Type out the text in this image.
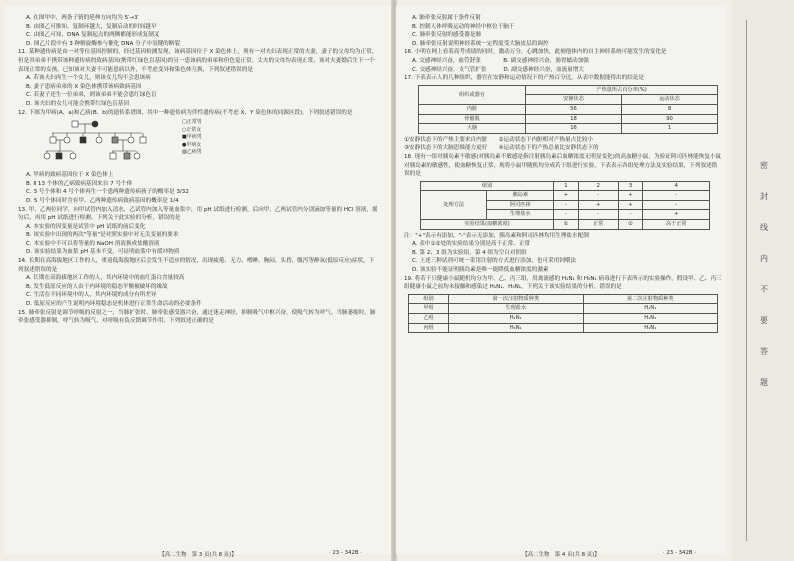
A. 在图甲中，两条子链的延伸方向均为 5′→3′

B. 由图乙可推知，复制环越大，复制启动的时间越早

C. 由图乙可知，DNA 复制起点的两侧都能形成复制叉

D. 图乙片段中有 3 种解旋酶参与催化 DNA 分子中氢键的断裂

11. 某种遗传病是由一对等位基因控制的，经过基因检测发现，该病基因位于 X 染色体上，现有一对夫妇表现正常的夫妻，妻子的父母均为正常，但是其弟弟不携带该种遗传病的致病基因(携带红绿色盲基因)的另一患该病的弟弟和但色觉正常，丈夫的父母均表现正常，该对夫妻婚后生下一个表现正常的女孩，已知该对夫妻不可能患病以外，不考虑变异和染色体互换，下列叙述错误的是

A. 若该夫妇再生一个女儿，则该女儿均不会患该病

B. 妻子患病弟弟的 X 染色体携带该病致病基因

C. 若妻子还生一位弟弟，则该弟弟不能会患红绿色盲

D. 该夫妇的女儿可能会携带红绿色盲基因

12. 下图为甲病(A、a)和乙病(B、b)的遗传系谱图，其中一种遗传病为伴性遗传病(不考虑 X、Y 染色体的同源区段)。下列叙述错误的是

□正常男
○正常女
■甲病男
●甲病女
▨乙病男

A. 甲病的致病基因位于 X 染色体上

B. Ⅱ 13 个体的乙病致病基因来自 7 号个体

C. 3 号个体和 4 号个体再生一个患两种遗传病孩子的概率是 3/32

D. 5 号个体同时含有甲、乙两种遗传病致病基因的概率是 1/4

13. 甲、乙两位同学，向甲试管内加入清水，乙试管内加入等量血浆中，用 pH 试纸进行检测，后向甲、乙两试管内分别滴加等量的 HCl 溶液，摇匀后，再用 pH 试纸进行检测。下列关于此实验的分析，错误的是

A. 本实验的因变量是试管中 pH 试纸的前后变化

B. 该实验中出现的两次"等量"是对照实验中对无关变量的要求

C. 本实验中不可以将等量的 NaOH 溶液换成盐酸溶液

D. 该实验结果为血浆 pH 基本不变，可证明血浆中有缓冲物质

14. 长期在高海拔地区工作的人，重返低海拔地区后会发生不适应的情况，出现疲倦、无力、嗜睡、胸闷、头昏、腹泻等醉氧(低原反应)症状，下列叙述错误的是

A. 长期在高海拔地区工作的人，其内环境中的血红蛋白含量较高

B. 发生低原反应的人由于内环境的稳态平衡被破坏的缘故

C. 生活在不同环境中的人，其内环境的成分有所差异

D. 低原反应的产生说明内环境稳态是机体进行正常生命活动的必要条件

15. 肺牵张反射是调节呼吸的反射之一，当肺扩张时，肺牵张感受器兴奋，通过迷走神经，抑制吸气中枢兴奋，使吸气转为呼气。当肺萎缩时，肺牵张感受器抑制，呼气转为吸气，对呼吸有负反馈调节作用，下列叙述正确的是

【高二生物　第 3 页(共 8 页)】	· 23 - 342B ·

A. 肺牵张反射属于条件反射

B. 控制人体呼吸运动的神经中枢位于脑干

C. 肺牵张反射的感受器是肺

D. 肺牵张反射说明神经系统一定程度受大脑皮层的调控

16. 小明在网上看着高考成绩的同时，激动万分，心跳加快，此刻他体内的自主神经系统可能发生的变化是

A. 交感神经兴奋，血管舒张　　　　B. 副交感神经兴奋，肠胃蠕动加强

C. 交感神经兴奋，支气管扩张　　　D. 副交感神经兴奋，血流量增大

17. 下表表示人的几种组织、器官在安静和运动情况下的产热百分比，从表中数据能得出的结论是

组织或器官	产热量所占百分率(%)	
	安静状态	运动状态
内脏	56	8
骨骼肌	18	90
大脑	16	1

①安静状态下的产热主要来自内脏　　②运动状态下内脏相对产热量占比较小

③安静状态下的大脑思维能力更好　　④运动状态下的产热总量比安静状态下的

18. 现有一组对胰岛素不敏感(对胰岛素不敏感是指注射胰岛素后血糖浓度无明显变化)的高血糖小鼠，为验证阿司匹林能恢复小鼠对胰岛素的敏感性，使血糖恢复正常，现将小鼠甲随机均分成若干组进行实验，下表表示各组处理方法及实验结果，下列叙述错误的是

组别		1	2	3	4
处理方法	胰岛素	+	-	+	-
	阿司匹林	-	+	+	-
	生理盐水	-	-	-	+
实验结果(血糖浓度)		①	正常	②	高于正常

注："+"表示有添加，"-"表示无添加，胰岛素和阿司匹林均用生理盐水配制

A. 表中①②处的实验结果分别是高于正常、正常

B. 第 2、3 组为实验组，第 4 组为空白对照组

C. 上述三种试剂可统一采用注射的方式进行添加，也可采用饲喂法

D. 该实验不能证明胰岛素是唯一能降低血糖浓度的激素

19. 将若干只健康小鼠随机均分为甲、乙、丙三组，用禽流感的 H₁N₁ 和 H₅N₁ 病毒进行下表所示的实验操作。假设甲、乙、丙三组健康小鼠之前均未接触和感染过 H₁N₁、H₅N₁，下列关于该实验结果的分析，错误的是

组别	第一次注射物质种类	第二次注射物质种类
甲组	生理盐水	H₁N₁
乙组	H₁N₁	H₁N₁
丙组	H₅N₁	H₁N₁
【高二生物　第 4 页(共 8 页)】	· 23 - 342B ·
密
封
线
内
不
要
答
题
